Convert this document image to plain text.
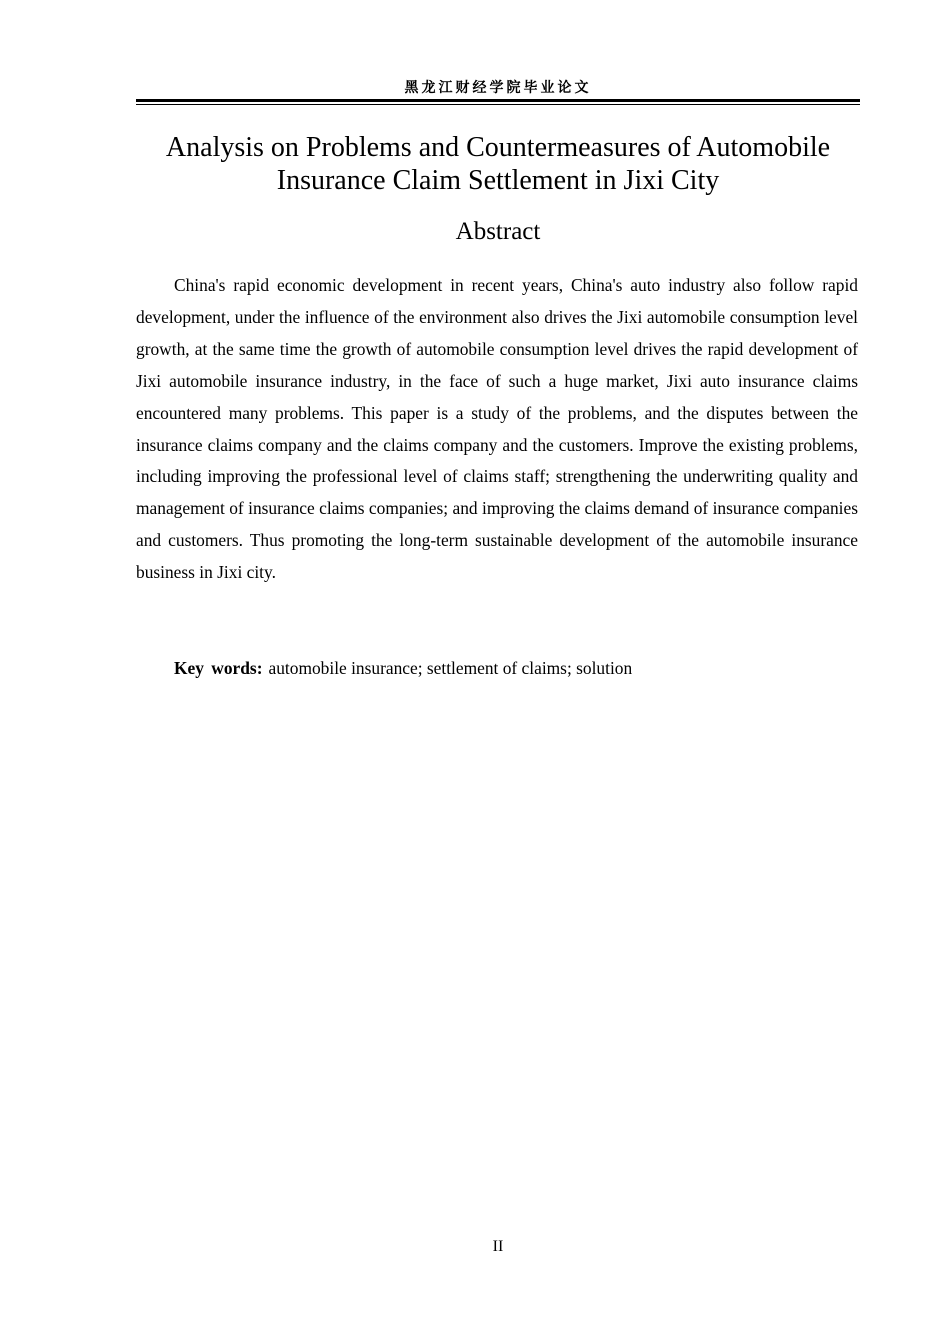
黑龙江财经学院毕业论文
Analysis on Problems and Countermeasures of Automobile Insurance Claim Settlement in Jixi City
Abstract

China's rapid economic development in recent years, China's auto industry also follow rapid development, under the influence of the environment also drives the Jixi automobile consumption level growth, at the same time the growth of automobile consumption level drives the rapid development of Jixi automobile insurance industry, in the face of such a huge market, Jixi auto insurance claims encountered many problems. This paper is a study of the problems, and the disputes between the insurance claims company and the claims company and the customers. Improve the existing problems, including improving the professional level of claims staff; strengthening the underwriting quality and management of insurance claims companies; and improving the claims demand of insurance companies and customers. Thus promoting the long-term sustainable development of the automobile insurance business in Jixi city.

Key words: automobile insurance; settlement of claims; solution

II
